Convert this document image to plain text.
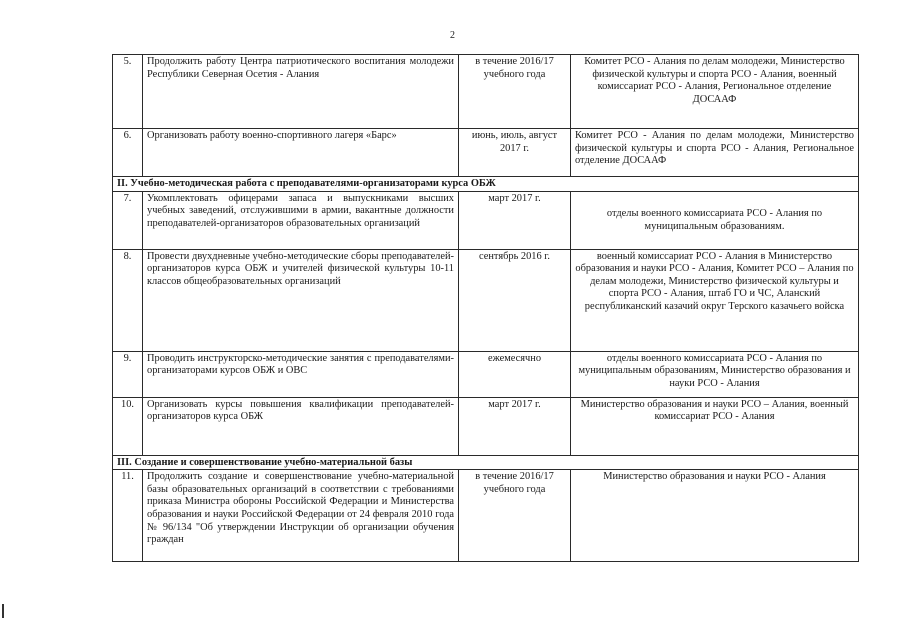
2
5.	Продолжить работу Центра патриотического воспитания молодежи Республики Северная Осетия - Алания	в течение 2016/17 учебного года	Комитет РСО - Алания по делам молодежи, Министерство физической культуры и спорта РСО - Алания, военный комиссариат РСО - Алания, Региональное отделение ДОСААФ
6.	Организовать работу военно-спортивного лагеря «Барс»	июнь, июль, август 2017 г.	Комитет РСО - Алания по делам молодежи, Министерство физической культуры и спорта РСО - Алания, Региональное отделение ДОСААФ
II. Учебно-методическая работа с преподавателями-организаторами курса ОБЖ			
7.	Укомплектовать офицерами запаса и выпускниками высших учебных заведений, отслужившими в армии, вакантные должности преподавателей-организаторов образовательных организаций	март 2017 г.	отделы военного комиссариата РСО - Алания по муниципальным образованиям.
8.	Провести двухдневные учебно-методические сборы преподавателей-организаторов курса ОБЖ и учителей физической культуры 10-11 классов общеобразовательных организаций	сентябрь 2016 г.	военный комиссариат РСО - Алания в Министерство образования и науки РСО - Алания, Комитет РСО – Алания по делам молодежи, Министерство физической культуры и спорта РСО - Алания, штаб ГО и ЧС, Аланский республиканский казачий округ Терского казачьего войска
9.	Проводить инструкторско-методические занятия с преподавателями-организаторами курсов ОБЖ и ОВС	ежемесячно	отделы военного комиссариата РСО - Алания по муниципальным образованиям, Министерство образования и науки РСО - Алания
10.	Организовать курсы повышения квалификации преподавателей-организаторов курса ОБЖ	март 2017 г.	Министерство образования и науки РСО – Алания, военный комиссариат РСО - Алания
III. Создание и совершенствование учебно-материальной базы			
11.	Продолжить создание и совершенствование учебно-материальной базы образовательных организаций в соответствии с требованиями приказа Министра обороны Российской Федерации и Министерства образования и науки Российской Федерации от 24 февраля 2010 года № 96/134 "Об утверждении Инструкции об организации обучения граждан	в течение 2016/17 учебного года	Министерство образования и науки РСО - Алания
